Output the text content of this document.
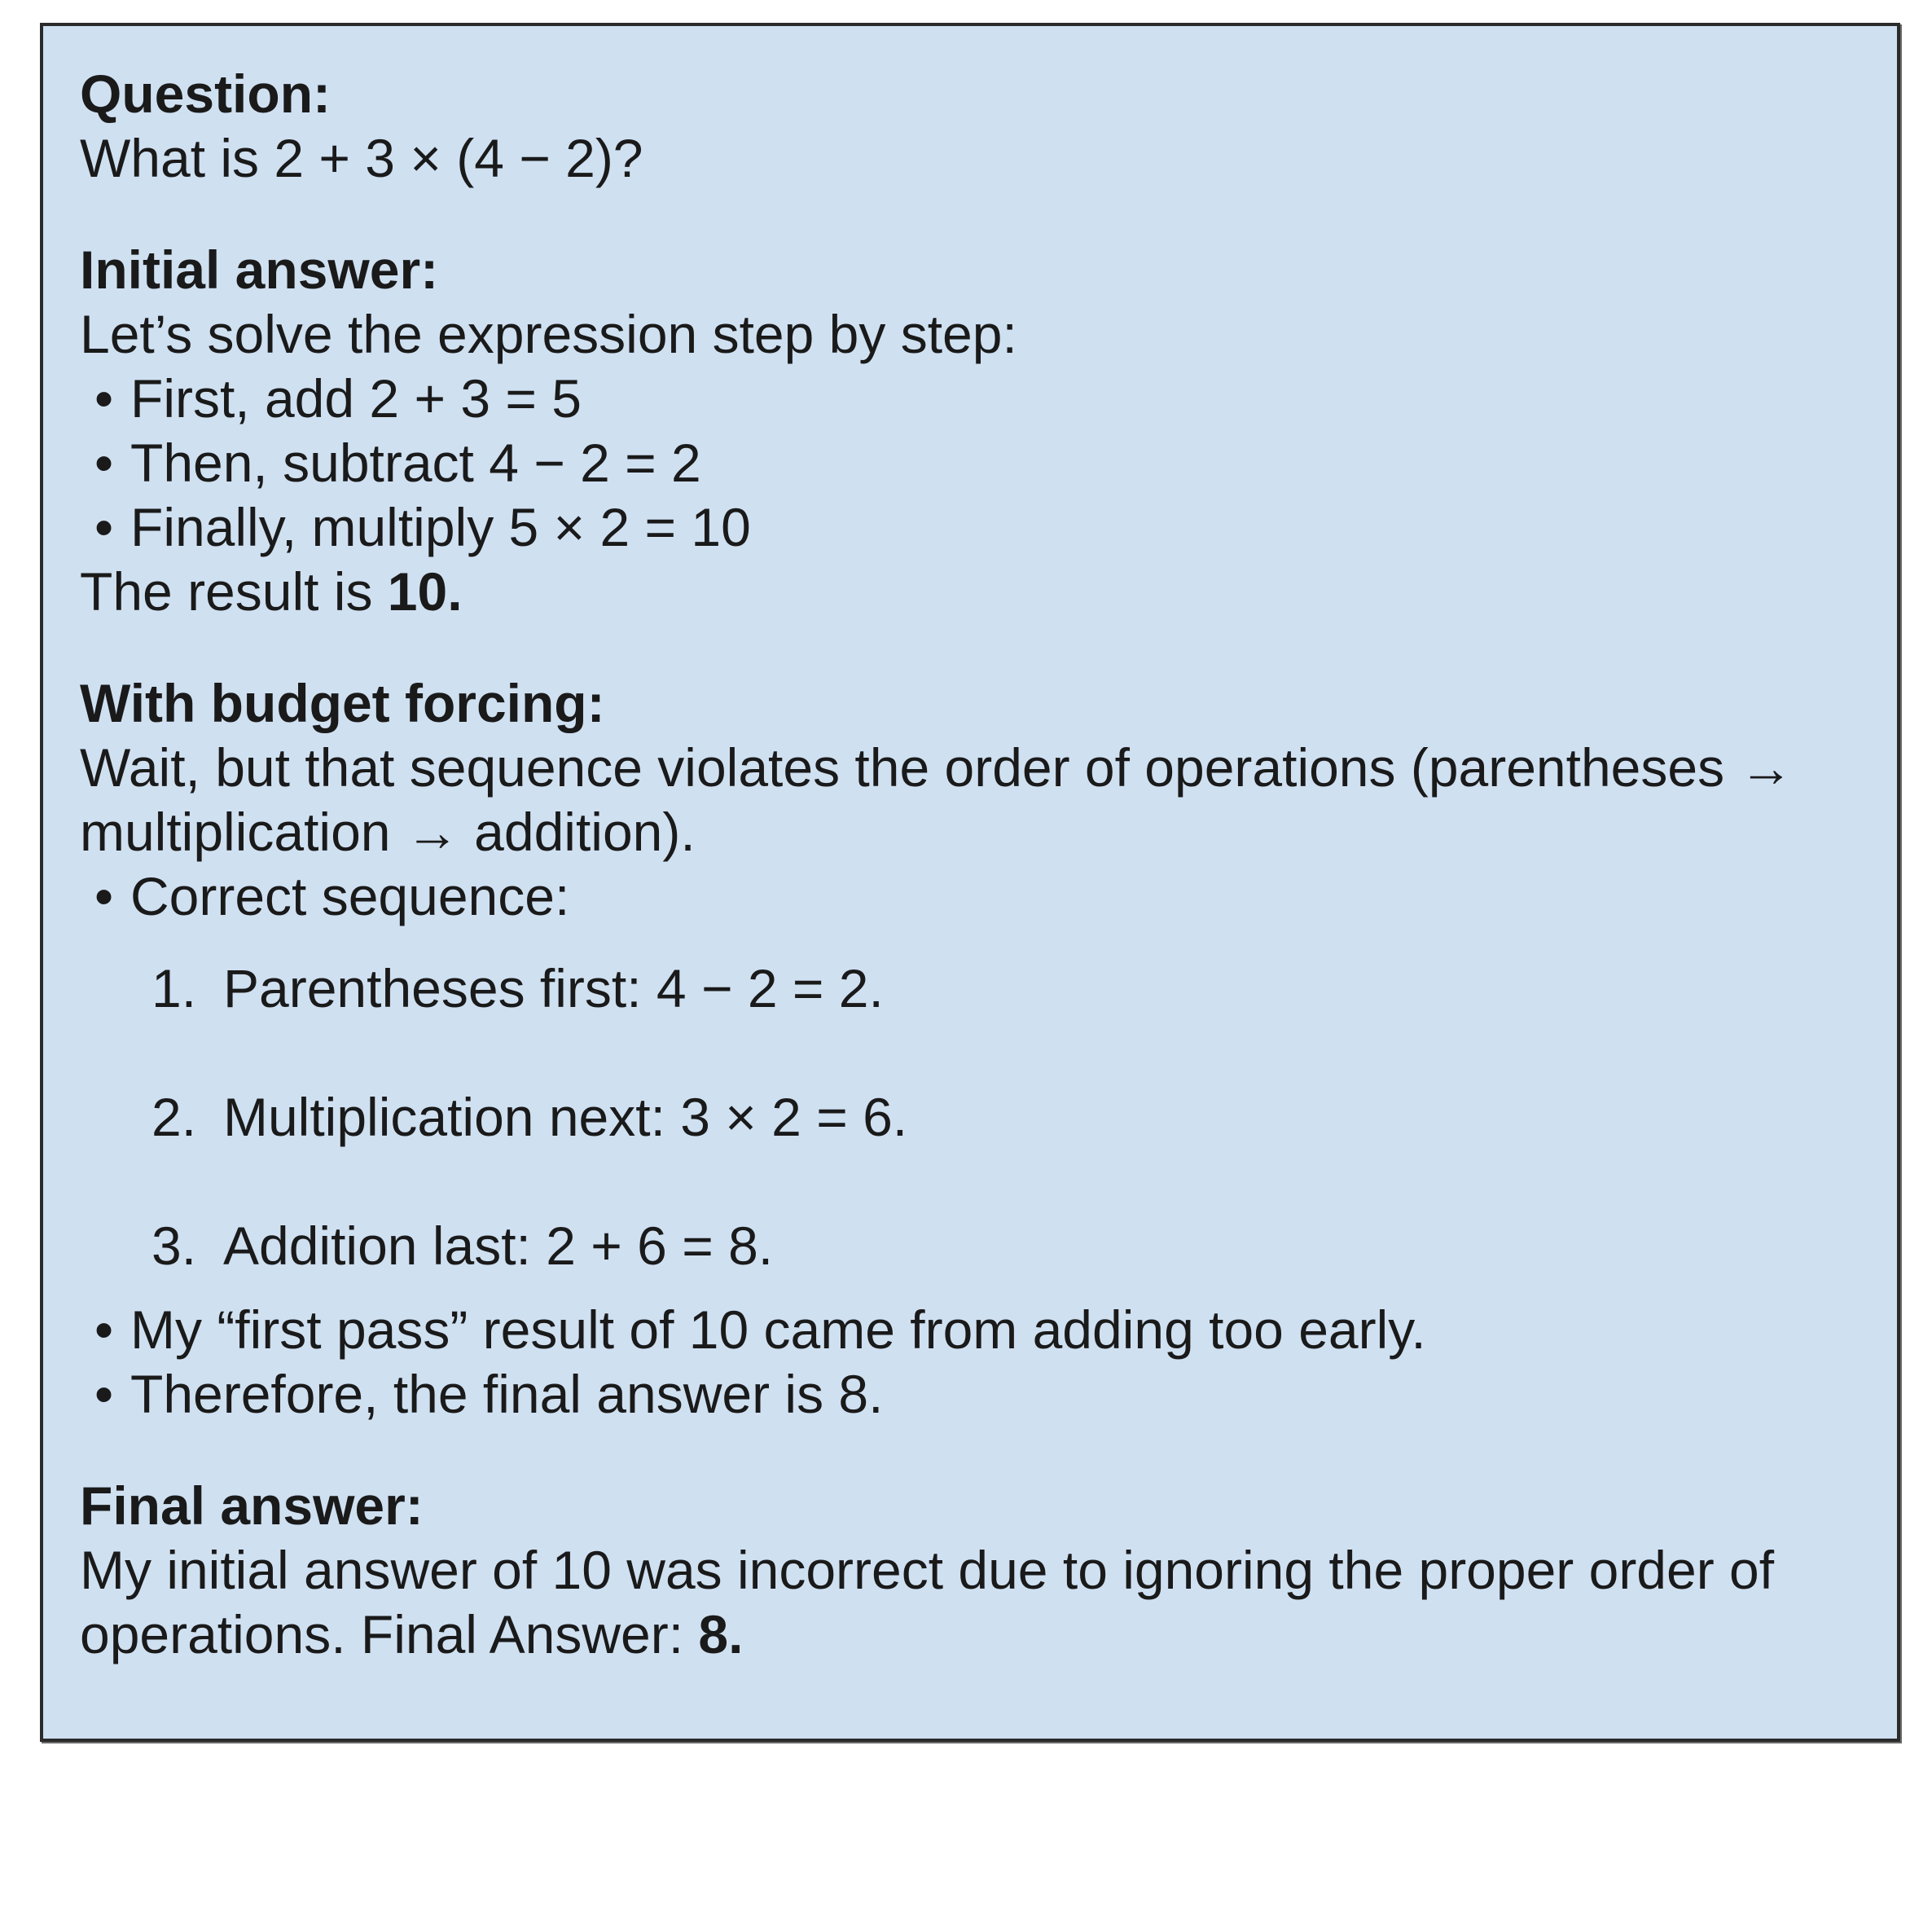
Question:
What is 2 + 3 × (4 − 2)?
Initial answer:
Let’s solve the expression step by step:
• First, add 2 + 3 = 5
• Then, subtract 4 − 2 = 2
• Finally, multiply 5 × 2 = 10
The result is 10.
With budget forcing:
Wait, but that sequence violates the order of operations (parentheses → multiplication → addition).
• Correct sequence:
1. Parentheses first: 4 − 2 = 2.
2. Multiplication next: 3 × 2 = 6.
3. Addition last: 2 + 6 = 8.
• My “first pass” result of 10 came from adding too early.
• Therefore, the final answer is 8.
Final answer:
My initial answer of 10 was incorrect due to ignoring the proper order of operations. Final Answer: 8.
